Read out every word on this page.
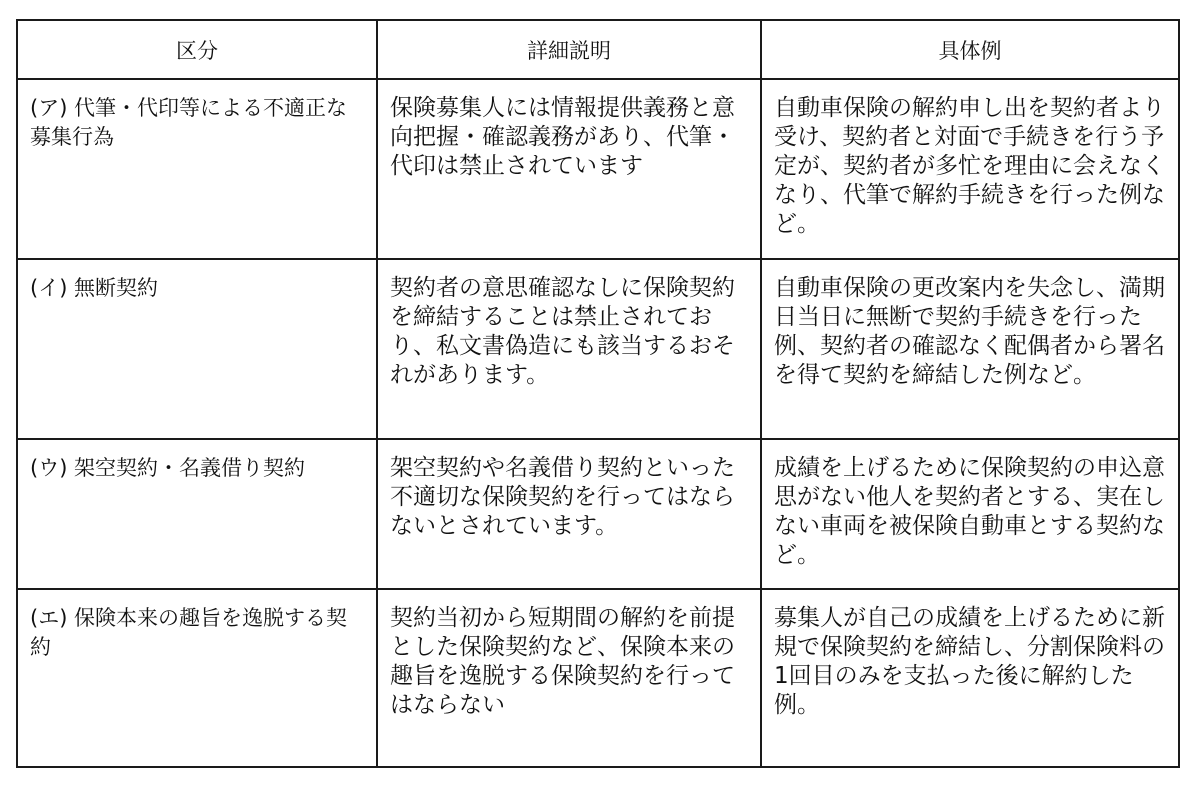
区分	詳細説明	具体例

(ア) 代筆・代印等による不適正な募集行為	保険募集人には情報提供義務と意向把握・確認義務があり、代筆・代印は禁止されています	自動車保険の解約申し出を契約者より受け、契約者と対面で手続きを行う予定が、契約者が多忙を理由に会えなくなり、代筆で解約手続きを行った例など。

(イ) 無断契約	契約者の意思確認なしに保険契約を締結することは禁止されており、私文書偽造にも該当するおそれがあります。	自動車保険の更改案内を失念し、満期日当日に無断で契約手続きを行った例、契約者の確認なく配偶者から署名を得て契約を締結した例など。

(ウ) 架空契約・名義借り契約	架空契約や名義借り契約といった不適切な保険契約を行ってはならないとされています。	成績を上げるために保険契約の申込意思がない他人を契約者とする、実在しない車両を被保険自動車とする契約など。

(エ) 保険本来の趣旨を逸脱する契約	契約当初から短期間の解約を前提とした保険契約など、保険本来の趣旨を逸脱する保険契約を行ってはならない	募集人が自己の成績を上げるために新規で保険契約を締結し、分割保険料の1回目のみを支払った後に解約した例。
